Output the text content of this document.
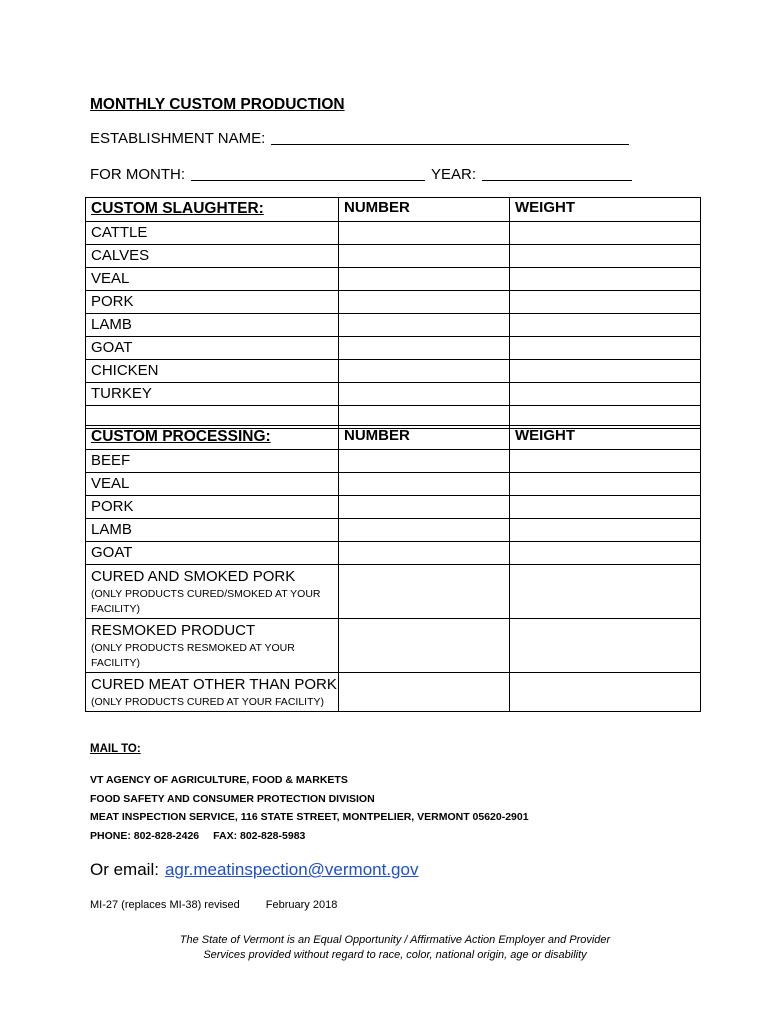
MONTHLY CUSTOM PRODUCTION
ESTABLISHMENT NAME:
FOR MONTH:	YEAR:
CUSTOM SLAUGHTER:	NUMBER	WEIGHT
CATTLE		
CALVES		
VEAL		
PORK		
LAMB		
GOAT		
CHICKEN		
TURKEY		

CUSTOM PROCESSING:	NUMBER	WEIGHT
BEEF		
VEAL		
PORK		
LAMB		
GOAT		

CURED AND SMOKED PORK
(ONLY PRODUCTS CURED/SMOKED AT YOUR FACILITY)		

RESMOKED PRODUCT
(ONLY PRODUCTS RESMOKED AT YOUR FACILITY)		

CURED MEAT OTHER THAN PORK
(ONLY PRODUCTS CURED AT YOUR FACILITY)		

MAIL TO:
VT AGENCY OF AGRICULTURE, FOOD & MARKETS
FOOD SAFETY AND CONSUMER PROTECTION DIVISION
MEAT INSPECTION SERVICE, 116 STATE STREET, MONTPELIER, VERMONT 05620-2901
PHONE: 802-828-2426 FAX: 802-828-5983
Or email: agr.meatinspection@vermont.gov
MI-27 (replaces MI-38) revised February 2018
The State of Vermont is an Equal Opportunity / Affirmative Action Employer and Provider
Services provided without regard to race, color, national origin, age or disability
